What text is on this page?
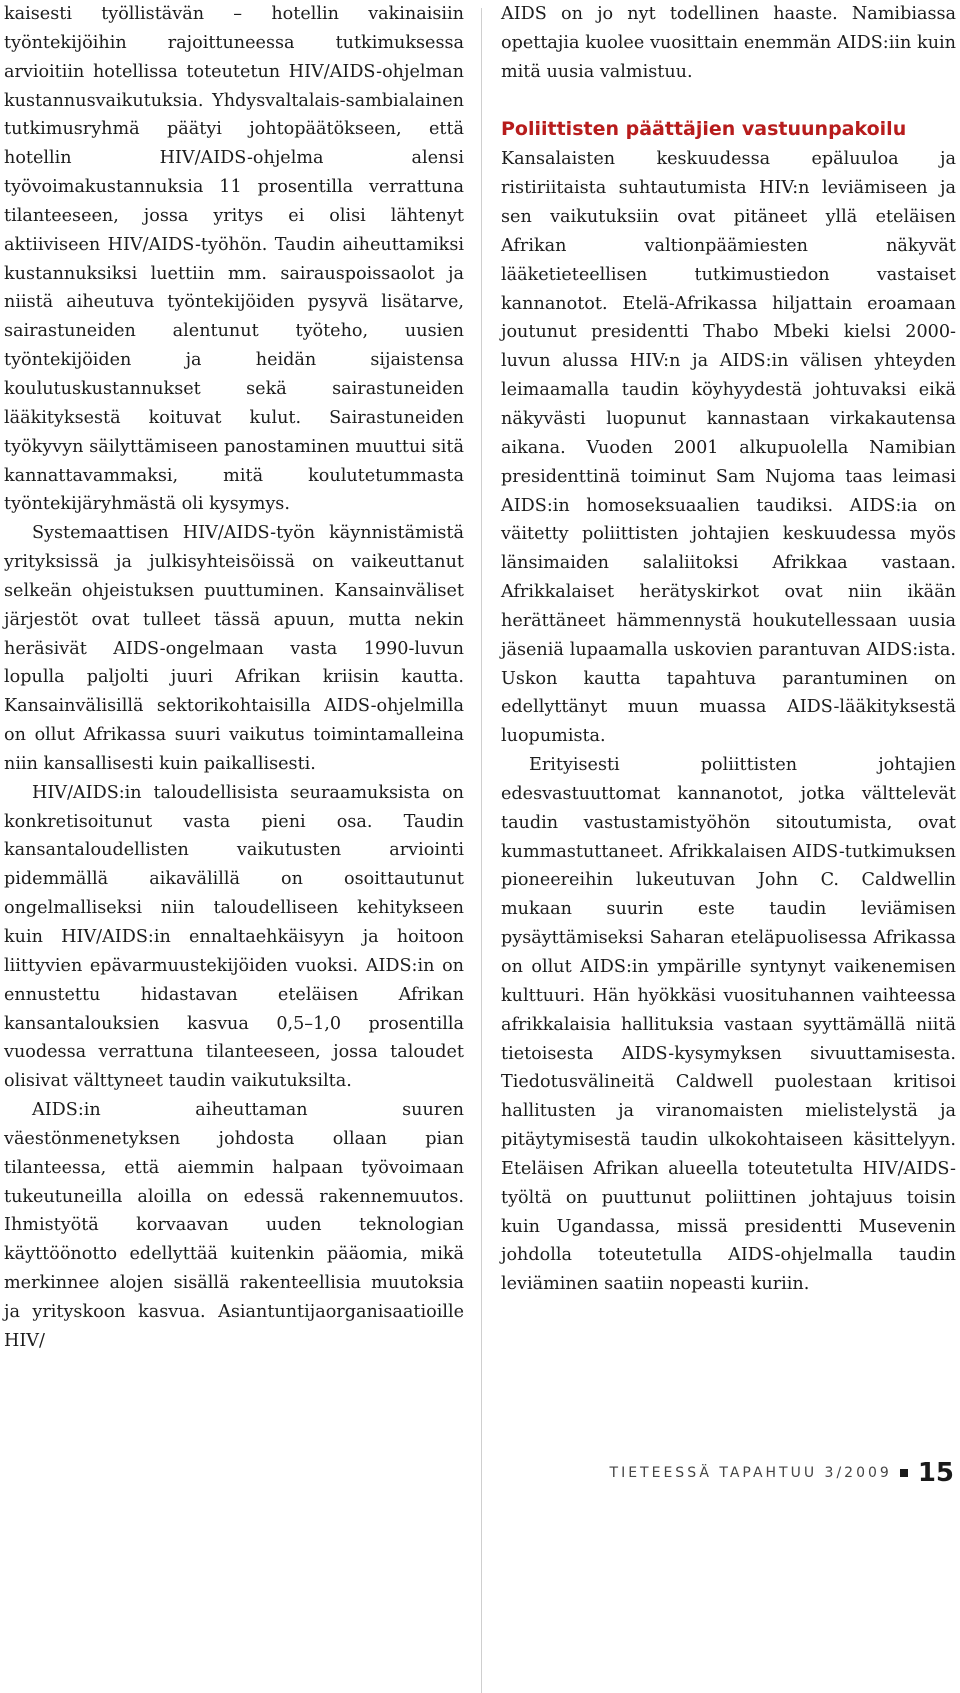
kaisesti työllistävän – hotellin vakinaisiin työntekijöihin rajoittuneessa tutkimuksessa arvioitiin hotellissa toteutetun HIV/AIDS-ohjelman kustannusvaikutuksia. Yhdysvaltalais-sambialainen tutkimusryhmä päätyi johtopäätökseen, että hotellin HIV/AIDS-ohjelma alensi työvoimakustannuksia 11 prosentilla verrattuna tilanteeseen, jossa yritys ei olisi lähtenyt aktiiviseen HIV/AIDS-työhön. Taudin aiheuttamiksi kustannuksiksi luettiin mm. sairauspoissaolot ja niistä aiheutuva työntekijöiden pysyvä lisätarve, sairastuneiden alentunut työteho, uusien työntekijöiden ja heidän sijaistensa koulutuskustannukset sekä sairastuneiden lääkityksestä koituvat kulut. Sairastuneiden työkyvyn säilyttämiseen panostaminen muuttui sitä kannattavammaksi, mitä koulutetummasta työntekijäryhmästä oli kysymys.

Systemaattisen HIV/AIDS-työn käynnistämistä yrityksissä ja julkisyhteisöissä on vaikeuttanut selkeän ohjeistuksen puuttuminen. Kansainväliset järjestöt ovat tulleet tässä apuun, mutta nekin heräsivät AIDS-ongelmaan vasta 1990-luvun lopulla paljolti juuri Afrikan kriisin kautta. Kansainvälisillä sektorikohtaisilla AIDS-ohjelmilla on ollut Afrikassa suuri vaikutus toimintamalleina niin kansallisesti kuin paikallisesti.

HIV/AIDS:in taloudellisista seuraamuksista on konkretisoitunut vasta pieni osa. Taudin kansantaloudellisten vaikutusten arviointi pidemmällä aikavälillä on osoittautunut ongelmalliseksi niin taloudelliseen kehitykseen kuin HIV/AIDS:in ennaltaehkäisyyn ja hoitoon liittyvien epävarmuustekijöiden vuoksi. AIDS:in on ennustettu hidastavan eteläisen Afrikan kansantalouksien kasvua 0,5–1,0 prosentilla vuodessa verrattuna tilanteeseen, jossa taloudet olisivat välttyneet taudin vaikutuksilta.

AIDS:in aiheuttaman suuren väestönmenetyksen johdosta ollaan pian tilanteessa, että aiemmin halpaan työvoimaan tukeutuneilla aloilla on edessä rakennemuutos. Ihmistyötä korvaavan uuden teknologian käyttöönotto edellyttää kuitenkin pääomia, mikä merkinnee alojen sisällä rakenteellisia muutoksia ja yrityskoon kasvua. Asiantuntijaorganisaatioille HIV/

AIDS on jo nyt todellinen haaste. Namibiassa opettajia kuolee vuosittain enemmän AIDS:iin kuin mitä uusia valmistuu.

Poliittisten päättäjien vastuunpakoilu

Kansalaisten keskuudessa epäluuloa ja ristiriitaista suhtautumista HIV:n leviämiseen ja sen vaikutuksiin ovat pitäneet yllä eteläisen Afrikan valtionpäämiesten näkyvät lääketieteellisen tutkimustiedon vastaiset kannanotot. Etelä-Afrikassa hiljattain eroamaan joutunut presidentti Thabo Mbeki kielsi 2000-luvun alussa HIV:n ja AIDS:in välisen yhteyden leimaamalla taudin köyhyydestä johtuvaksi eikä näkyvästi luopunut kannastaan virkakautensa aikana. Vuoden 2001 alkupuolella Namibian presidenttinä toiminut Sam Nujoma taas leimasi AIDS:in homoseksuaalien taudiksi. AIDS:ia on väitetty poliittisten johtajien keskuudessa myös länsimaiden salaliitoksi Afrikkaa vastaan. Afrikkalaiset herätyskirkot ovat niin ikään herättäneet hämmennystä houkutellessaan uusia jäseniä lupaamalla uskovien parantuvan AIDS:ista. Uskon kautta tapahtuva parantuminen on edellyttänyt muun muassa AIDS-lääkityksestä luopumista.

Erityisesti poliittisten johtajien edesvastuuttomat kannanotot, jotka välttelevät taudin vastustamistyöhön sitoutumista, ovat kummastuttaneet. Afrikkalaisen AIDS-tutkimuksen pioneereihin lukeutuvan John C. Caldwellin mukaan suurin este taudin leviämisen pysäyttämiseksi Saharan eteläpuolisessa Afrikassa on ollut AIDS:in ympärille syntynyt vaikenemisen kulttuuri. Hän hyökkäsi vuosituhannen vaihteessa afrikkalaisia hallituksia vastaan syyttämällä niitä tietoisesta AIDS-kysymyksen sivuuttamisesta. Tiedotusvälineitä Caldwell puolestaan kritisoi hallitusten ja viranomaisten mielistelystä ja pitäytymisestä taudin ulkokohtaiseen käsittelyyn. Eteläisen Afrikan alueella toteutetulta HIV/AIDS-työltä on puuttunut poliittinen johtajuus toisin kuin Ugandassa, missä presidentti Musevenin johdolla toteutetulla AIDS-ohjelmalla taudin leviäminen saatiin nopeasti kuriin.

TIETEESSÄ TAPAHTUU 3/2009 15
